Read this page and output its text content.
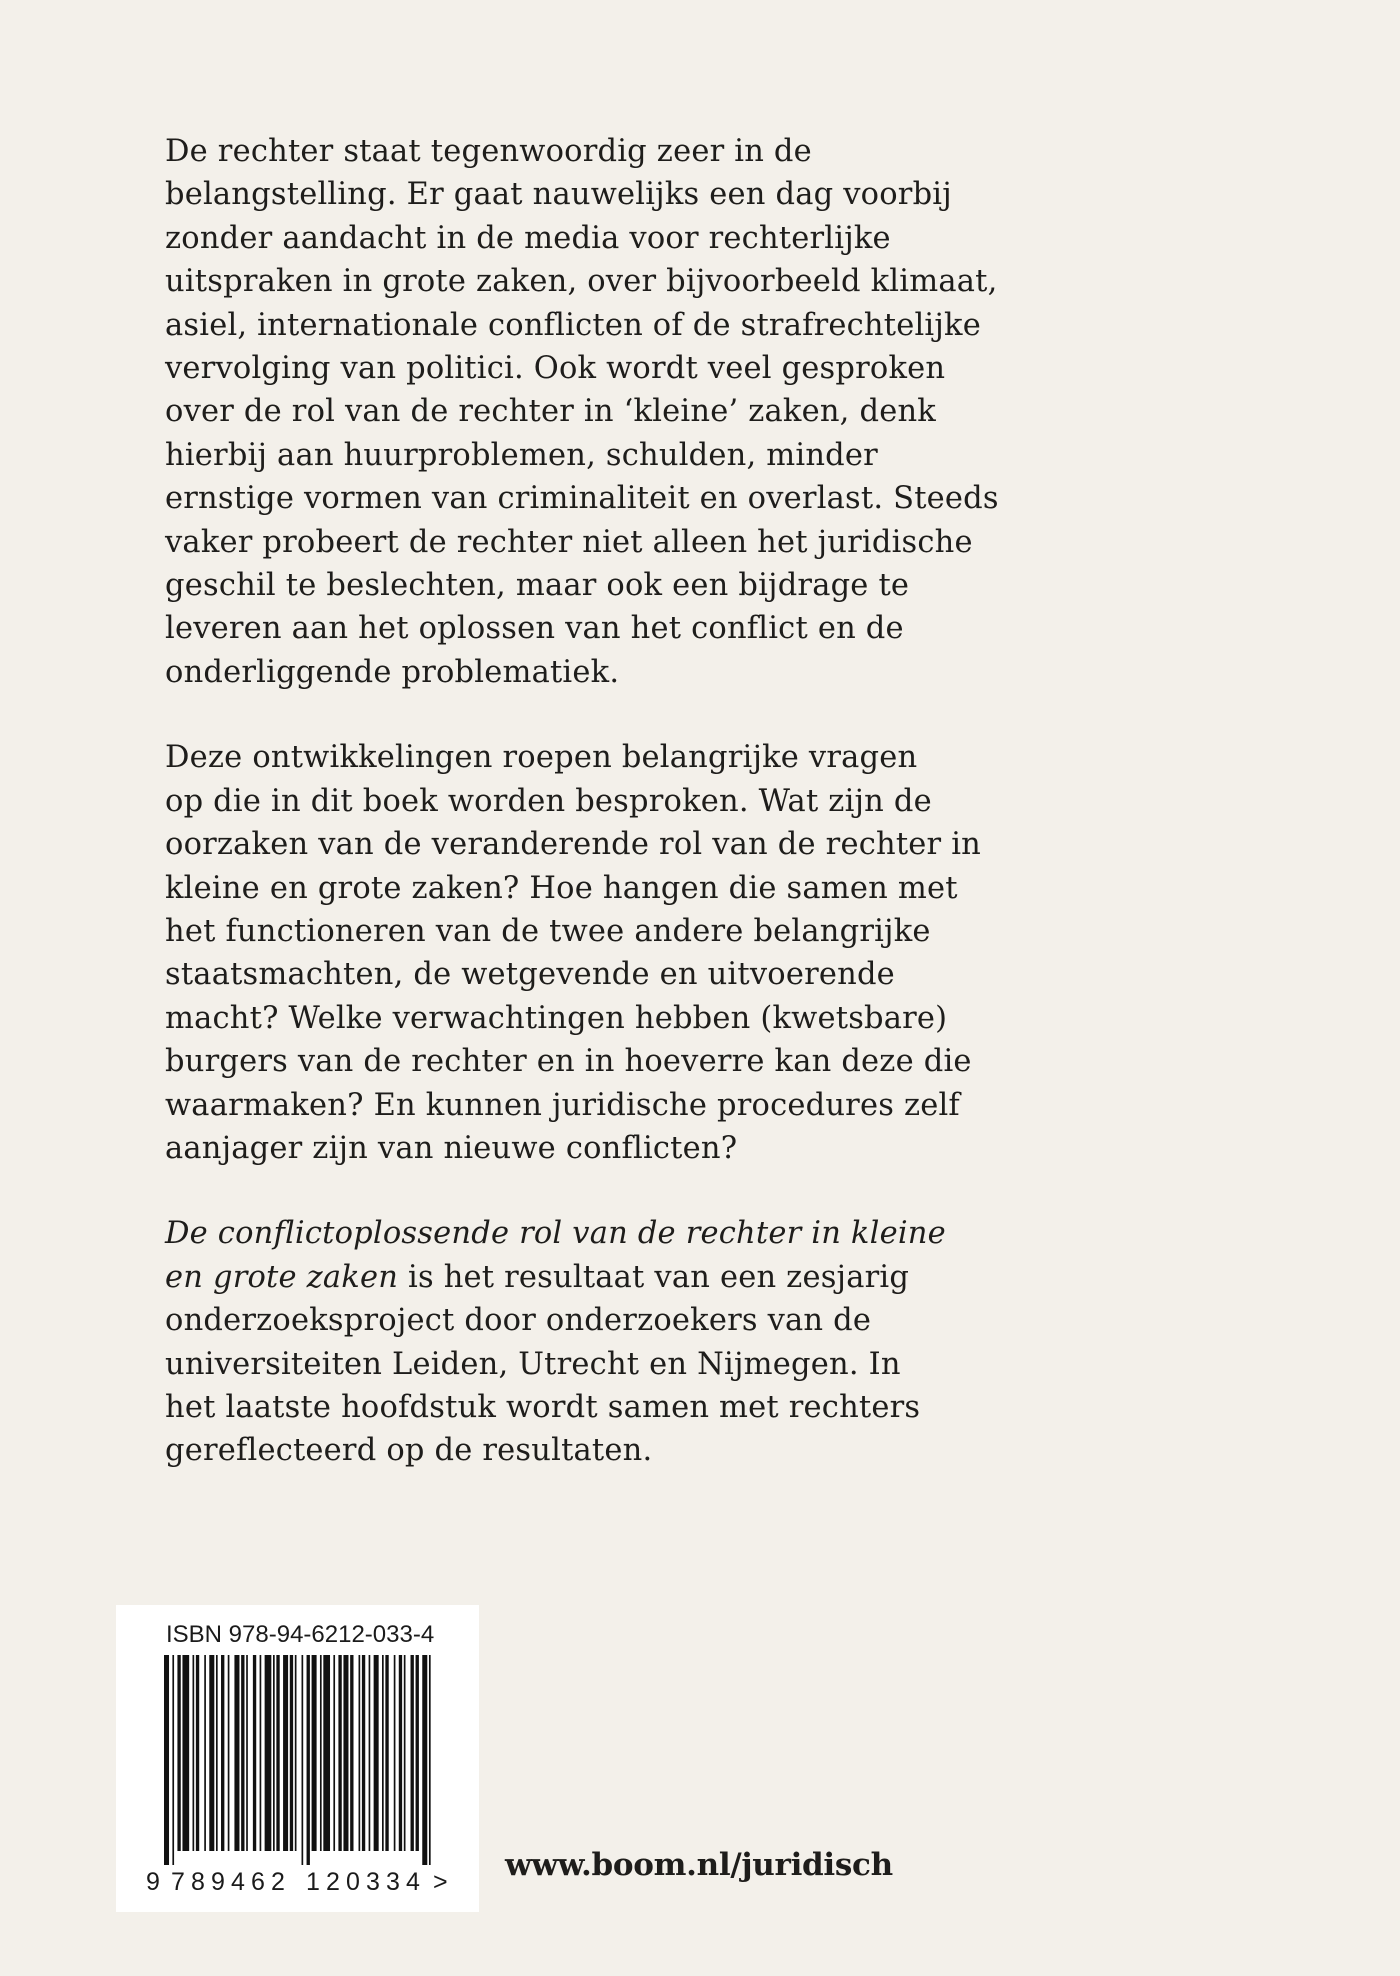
De rechter staat tegenwoordig zeer in de
belangstelling. Er gaat nauwelijks een dag voorbij
zonder aandacht in de media voor rechterlijke
uitspraken in grote zaken, over bijvoorbeeld klimaat,
asiel, internationale conflicten of de strafrechtelijke
vervolging van politici. Ook wordt veel gesproken
over de rol van de rechter in ‘kleine’ zaken, denk
hierbij aan huurproblemen, schulden, minder
ernstige vormen van criminaliteit en overlast. Steeds
vaker probeert de rechter niet alleen het juridische
geschil te beslechten, maar ook een bijdrage te
leveren aan het oplossen van het conflict en de
onderliggende problematiek.

Deze ontwikkelingen roepen belangrijke vragen
op die in dit boek worden besproken. Wat zijn de
oorzaken van de veranderende rol van de rechter in
kleine en grote zaken? Hoe hangen die samen met
het functioneren van de twee andere belangrijke
staatsmachten, de wetgevende en uitvoerende
macht? Welke verwachtingen hebben (kwetsbare)
burgers van de rechter en in hoeverre kan deze die
waarmaken? En kunnen juridische procedures zelf
aanjager zijn van nieuwe conflicten?

De conflictoplossende rol van de rechter in kleine
en grote zaken is het resultaat van een zesjarig
onderzoeksproject door onderzoekers van de
universiteiten Leiden, Utrecht en Nijmegen. In
het laatste hoofdstuk wordt samen met rechters
gereflecteerd op de resultaten.

ISBN 978-94-6212-033-4
9 7 8 9 4 6 2 1 2 0 3 3 4 > www.boom.nl/juridisch
